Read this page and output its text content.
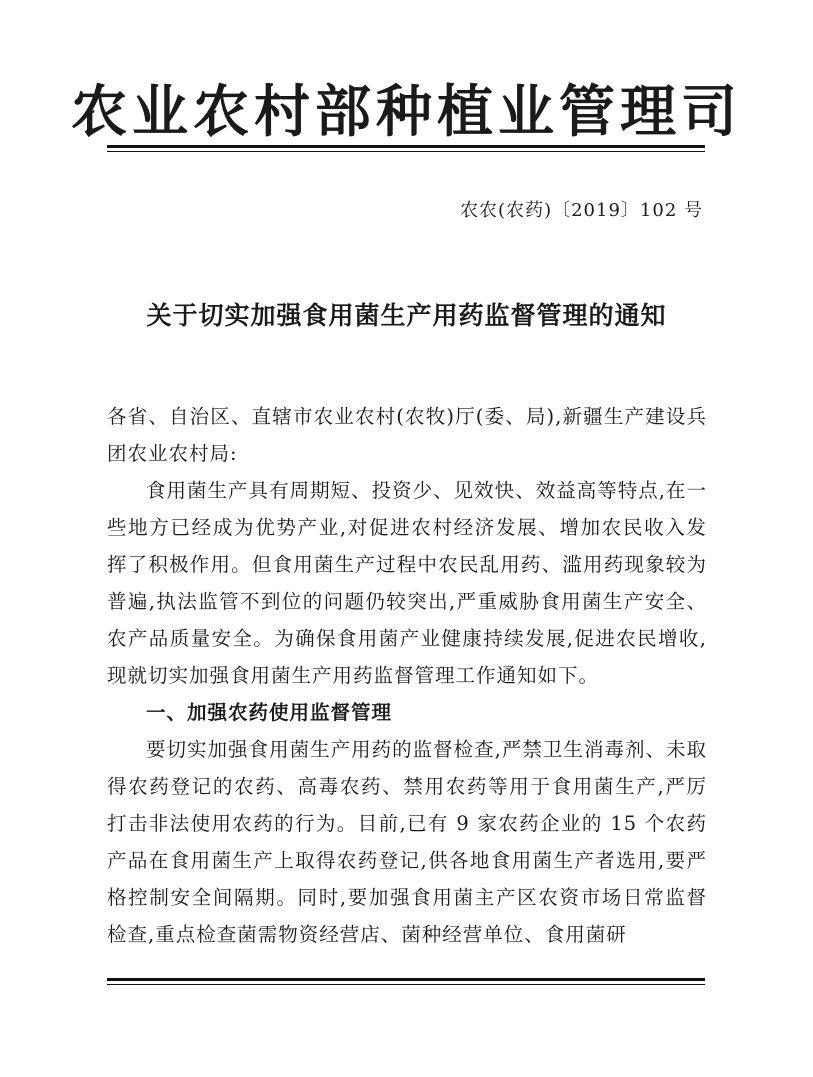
农业农村部种植业管理司
农农(农药)〔2019〕102 号
关于切实加强食用菌生产用药监督管理的通知

各省、自治区、直辖市农业农村(农牧)厅(委、局),新疆生产建设兵团农业农村局:

食用菌生产具有周期短、投资少、见效快、效益高等特点,在一些地方已经成为优势产业,对促进农村经济发展、增加农民收入发挥了积极作用。但食用菌生产过程中农民乱用药、滥用药现象较为普遍,执法监管不到位的问题仍较突出,严重威胁食用菌生产安全、农产品质量安全。为确保食用菌产业健康持续发展,促进农民增收,现就切实加强食用菌生产用药监督管理工作通知如下。

一、加强农药使用监督管理

要切实加强食用菌生产用药的监督检查,严禁卫生消毒剂、未取得农药登记的农药、高毒农药、禁用农药等用于食用菌生产,严厉打击非法使用农药的行为。目前,已有 9 家农药企业的 15 个农药产品在食用菌生产上取得农药登记,供各地食用菌生产者选用,要严格控制安全间隔期。同时,要加强食用菌主产区农资市场日常监督检查,重点检查菌需物资经营店、菌种经营单位、食用菌研
